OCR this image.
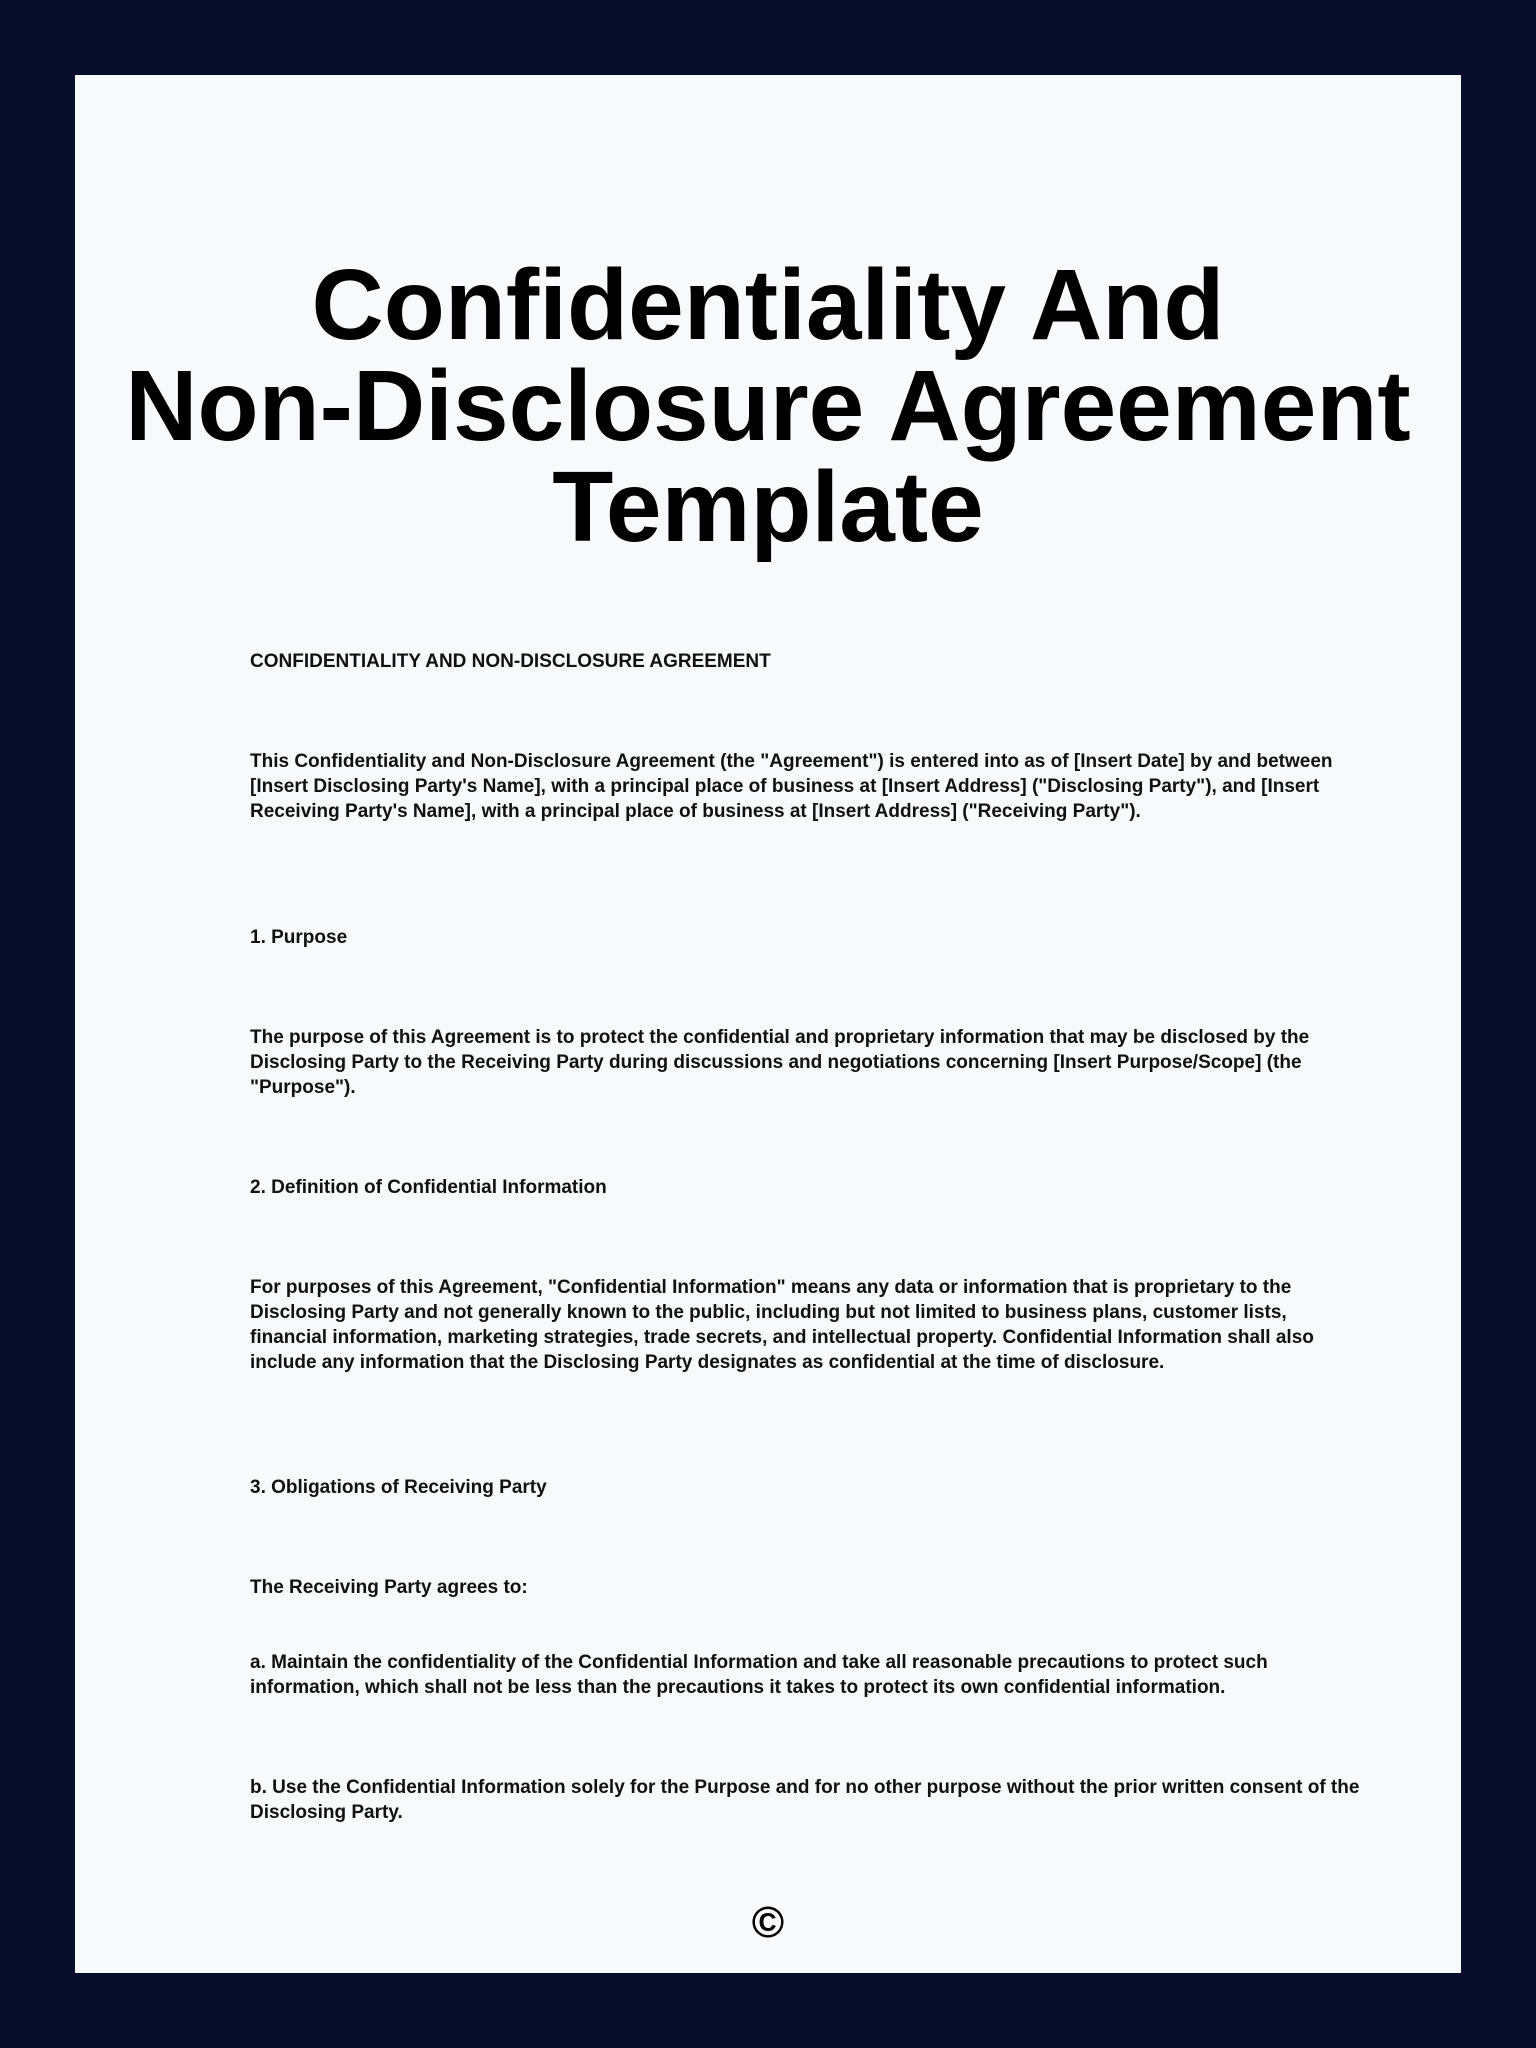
Confidentiality And
Non-Disclosure Agreement
Template

CONFIDENTIALITY AND NON-DISCLOSURE AGREEMENT

This Confidentiality and Non-Disclosure Agreement (the "Agreement") is entered into as of [Insert Date] by and between [Insert Disclosing Party's Name], with a principal place of business at [Insert Address] ("Disclosing Party"), and [Insert Receiving Party's Name], with a principal place of business at [Insert Address] ("Receiving Party").

1. Purpose

The purpose of this Agreement is to protect the confidential and proprietary information that may be disclosed by the Disclosing Party to the Receiving Party during discussions and negotiations concerning [Insert Purpose/Scope] (the "Purpose").

2. Definition of Confidential Information

For purposes of this Agreement, "Confidential Information" means any data or information that is proprietary to the Disclosing Party and not generally known to the public, including but not limited to business plans, customer lists, financial information, marketing strategies, trade secrets, and intellectual property. Confidential Information shall also include any information that the Disclosing Party designates as confidential at the time of disclosure.

3. Obligations of Receiving Party

The Receiving Party agrees to:

a. Maintain the confidentiality of the Confidential Information and take all reasonable precautions to protect such information, which shall not be less than the precautions it takes to protect its own confidential information.

b. Use the Confidential Information solely for the Purpose and for no other purpose without the prior written consent of the Disclosing Party.

©
